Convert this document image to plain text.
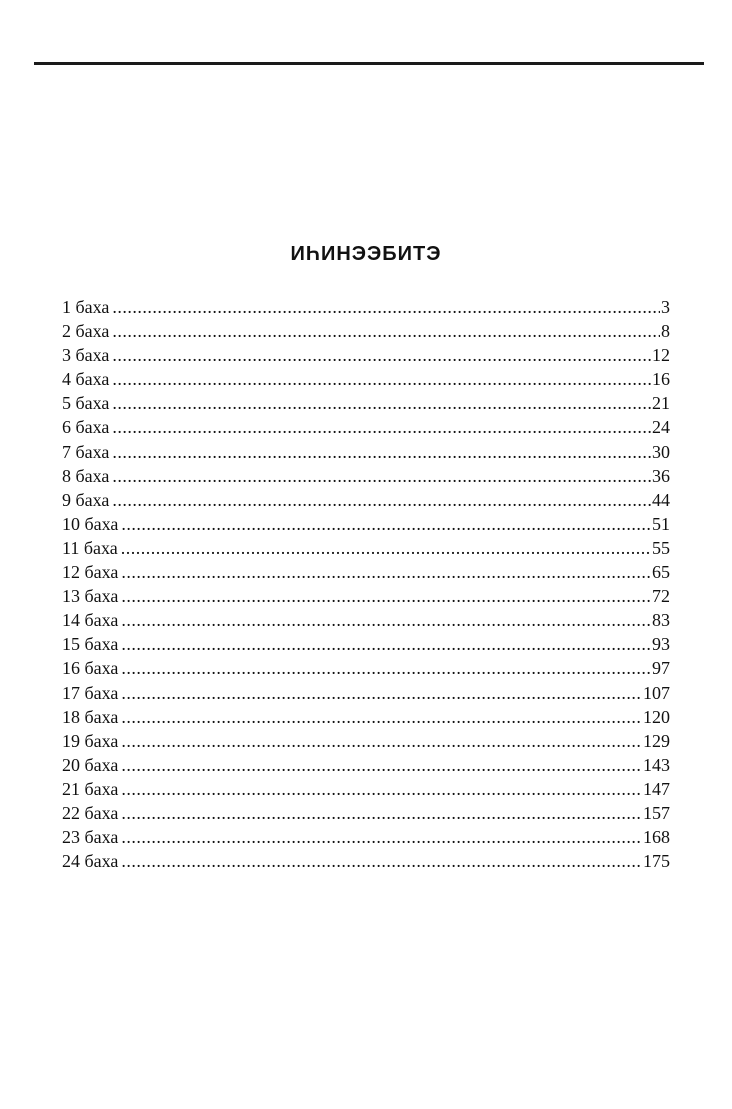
ИҺИНЭЭБИТЭ
1 баха .....	3
2 баха .....	8
3 баха .....	12
4 баха .....	16
5 баха .....	21
6 баха .....	24
7 баха .....	30
8 баха .....	36
9 баха .....	44
10 баха .....	51
11 баха .....	55
12 баха .....	65
13 баха .....	72
14 баха .....	83
15 баха .....	93
16 баха .....	97
17 баха .....	107
18 баха .....	120
19 баха .....	129
20 баха .....	143
21 баха .....	147
22 баха .....	157
23 баха .....	168
24 баха .....	175
